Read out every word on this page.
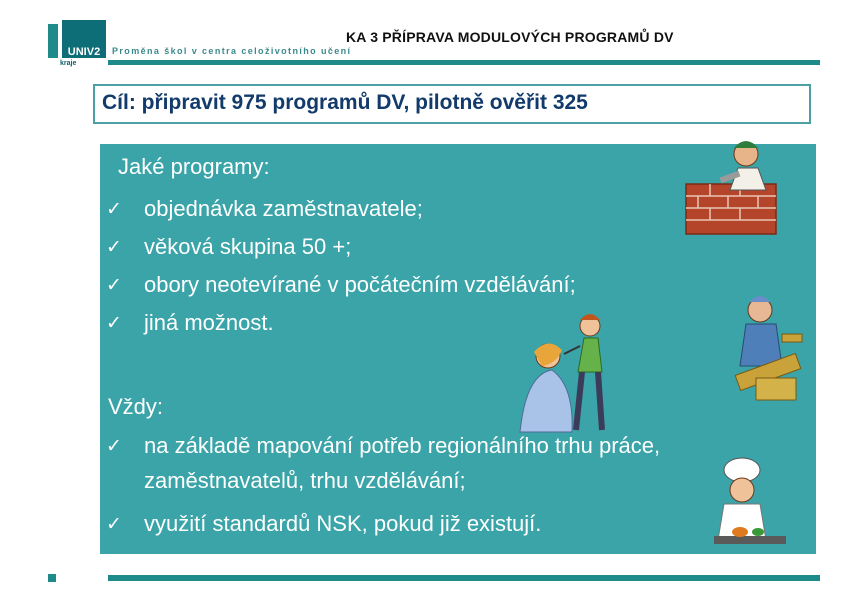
UNIV2
kraje
Proměna škol v centra celoživotního učení
KA 3 PŘÍPRAVA MODULOVÝCH PROGRAMŮ DV
Cíl: připravit 975 programů DV, pilotně ověřit 325
Jaké programy:
✓ objednávka zaměstnavatele;
✓ věková skupina 50 +;
✓ obory neotevírané v počátečním vzdělávání;
✓ jiná možnost.
Vždy:
✓ na základě mapování potřeb regionálního trhu práce,
zaměstnavatelů, trhu vzdělávání;
✓ využití standardů NSK, pokud již existují.
